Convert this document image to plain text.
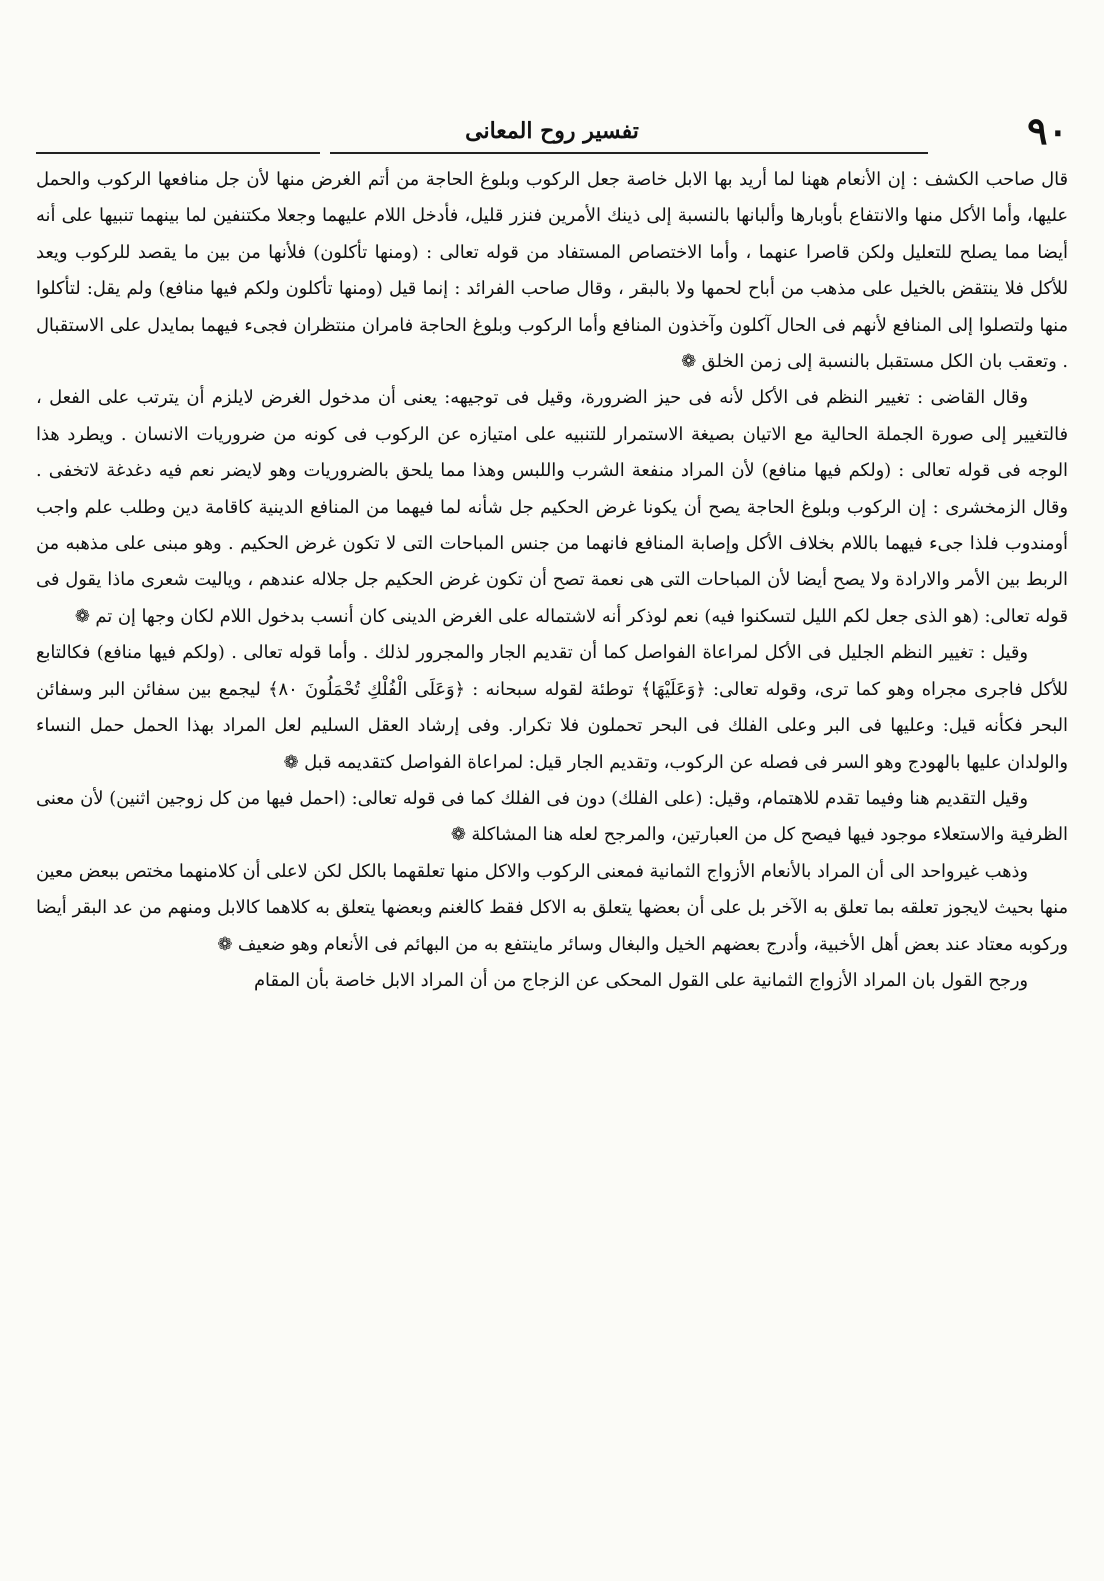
٩٠
تفسير روح المعانى

قال صاحب الكشف : إن الأنعام ههنا لما أريد بها الابل خاصة جعل الركوب وبلوغ الحاجة من أتم الغرض منها لأن جل منافعها الركوب والحمل عليها، وأما الأكل منها والانتفاع بأوبارها وألبانها بالنسبة إلى ذينك الأمرين فنزر قليل، فأدخل اللام عليهما وجعلا مكتنفين لما بينهما تنبيها على أنه أيضا مما يصلح للتعليل ولكن قاصرا عنهما ، وأما الاختصاص المستفاد من قوله تعالى : (ومنها تأكلون) فلأنها من بين ما يقصد للركوب ويعد للأكل فلا ينتقض بالخيل على مذهب من أباح لحمها ولا بالبقر ، وقال صاحب الفرائد : إنما قيل (ومنها تأكلون ولكم فيها منافع) ولم يقل: لتأكلوا منها ولتصلوا إلى المنافع لأنهم فى الحال آكلون وآخذون المنافع وأما الركوب وبلوغ الحاجة فامران منتظران فجىء فيهما بمايدل على الاستقبال . وتعقب بان الكل مستقبل بالنسبة إلى زمن الخلق ❁

وقال القاضى : تغيير النظم فى الأكل لأنه فى حيز الضرورة، وقيل فى توجيهه: يعنى أن مدخول الغرض لايلزم أن يترتب على الفعل ، فالتغيير إلى صورة الجملة الحالية مع الاتيان بصيغة الاستمرار للتنبيه على امتيازه عن الركوب فى كونه من ضروريات الانسان . ويطرد هذا الوجه فى قوله تعالى : (ولكم فيها منافع) لأن المراد منفعة الشرب واللبس وهذا مما يلحق بالضروريات وهو لايضر نعم فيه دغدغة لاتخفى . وقال الزمخشرى : إن الركوب وبلوغ الحاجة يصح أن يكونا غرض الحكيم جل شأنه لما فيهما من المنافع الدينية كاقامة دين وطلب علم واجب أومندوب فلذا جىء فيهما باللام بخلاف الأكل وإصابة المنافع فانهما من جنس المباحات التى لا تكون غرض الحكيم . وهو مبنى على مذهبه من الربط بين الأمر والارادة ولا يصح أيضا لأن المباحات التى هى نعمة تصح أن تكون غرض الحكيم جل جلاله عندهم ، وياليت شعرى ماذا يقول فى قوله تعالى: (هو الذى جعل لكم الليل لتسكنوا فيه) نعم لوذكر أنه لاشتماله على الغرض الدينى كان أنسب بدخول اللام لكان وجها إن تم ❁

وقيل : تغيير النظم الجليل فى الأكل لمراعاة الفواصل كما أن تقديم الجار والمجرور لذلك . وأما قوله تعالى . (ولكم فيها منافع) فكالتابع للأكل فاجرى مجراه وهو كما ترى، وقوله تعالى: ﴿وَعَلَيْهَا﴾ توطئة لقوله سبحانه : ﴿وَعَلَى الْفُلْكِ تُحْمَلُونَ ٨٠﴾ ليجمع بين سفائن البر وسفائن البحر فكأنه قيل: وعليها فى البر وعلى الفلك فى البحر تحملون فلا تكرار. وفى إرشاد العقل السليم لعل المراد بهذا الحمل حمل النساء والولدان عليها بالهودج وهو السر فى فصله عن الركوب، وتقديم الجار قيل: لمراعاة الفواصل كتقديمه قبل ❁

وقيل التقديم هنا وفيما تقدم للاهتمام، وقيل: (على الفلك) دون فى الفلك كما فى قوله تعالى: (احمل فيها من كل زوجين اثنين) لأن معنى الظرفية والاستعلاء موجود فيها فيصح كل من العبارتين، والمرجح لعله هنا المشاكلة ❁

وذهب غيرواحد الى أن المراد بالأنعام الأزواج الثمانية فمعنى الركوب والاكل منها تعلقهما بالكل لكن لاعلى أن كلامنهما مختص ببعض معين منها بحيث لايجوز تعلقه بما تعلق به الآخر بل على أن بعضها يتعلق به الاكل فقط كالغنم وبعضها يتعلق به كلاهما كالابل ومنهم من عد البقر أيضا وركوبه معتاد عند بعض أهل الأخبية، وأدرج بعضهم الخيل والبغال وسائر ماينتفع به من البهائم فى الأنعام وهو ضعيف ❁

ورجح القول بان المراد الأزواج الثمانية على القول المحكى عن الزجاج من أن المراد الابل خاصة بأن المقام
